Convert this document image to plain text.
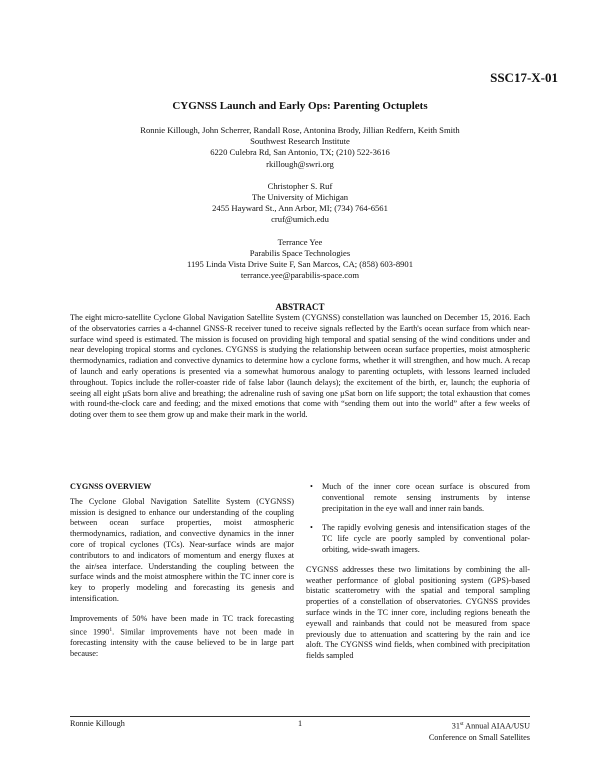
SSC17-X-01
CYGNSS Launch and Early Ops: Parenting Octuplets
Ronnie Killough, John Scherrer, Randall Rose, Antonina Brody, Jillian Redfern, Keith Smith
Southwest Research Institute
6220 Culebra Rd, San Antonio, TX; (210) 522-3616
rkillough@swri.org
Christopher S. Ruf
The University of Michigan
2455 Hayward St., Ann Arbor, MI; (734) 764-6561
cruf@umich.edu
Terrance Yee
Parabilis Space Technologies
1195 Linda Vista Drive Suite F, San Marcos, CA; (858) 603-8901
terrance.yee@parabilis-space.com
ABSTRACT
The eight micro-satellite Cyclone Global Navigation Satellite System (CYGNSS) constellation was launched on December 15, 2016. Each of the observatories carries a 4-channel GNSS-R receiver tuned to receive signals reflected by the Earth's ocean surface from which near-surface wind speed is estimated. The mission is focused on providing high temporal and spatial sensing of the wind conditions under and near developing tropical storms and cyclones. CYGNSS is studying the relationship between ocean surface properties, moist atmospheric thermodynamics, radiation and convective dynamics to determine how a cyclone forms, whether it will strengthen, and how much. A recap of launch and early operations is presented via a somewhat humorous analogy to parenting octuplets, with lessons learned included throughout. Topics include the roller-coaster ride of false labor (launch delays); the excitement of the birth, er, launch; the euphoria of seeing all eight µSats born alive and breathing; the adrenaline rush of saving one µSat born on life support; the total exhaustion that comes with round-the-clock care and feeding; and the mixed emotions that come with “sending them out into the world” after a few weeks of doting over them to see them grow up and make their mark in the world.
CYGNSS OVERVIEW

The Cyclone Global Navigation Satellite System (CYGNSS) mission is designed to enhance our understanding of the coupling between ocean surface properties, moist atmospheric thermodynamics, radiation, and convective dynamics in the inner core of tropical cyclones (TCs). Near-surface winds are major contributors to and indicators of momentum and energy fluxes at the air/sea interface. Understanding the coupling between the surface winds and the moist atmosphere within the TC inner core is key to properly modeling and forecasting its genesis and intensification.

Improvements of 50% have been made in TC track forecasting since 1990$^1$. Similar improvements have not been made in forecasting intensity with the cause believed to be in large part because:

• Much of the inner core ocean surface is obscured from conventional remote sensing instruments by intense precipitation in the eye wall and inner rain bands.
• The rapidly evolving genesis and intensification stages of the TC life cycle are poorly sampled by conventional polar-orbiting, wide-swath imagers.

CYGNSS addresses these two limitations by combining the all-weather performance of global positioning system (GPS)-based bistatic scatterometry with the spatial and temporal sampling properties of a constellation of observatories. CYGNSS provides surface winds in the TC inner core, including regions beneath the eyewall and rainbands that could not be measured from space previously due to attenuation and scattering by the rain and ice aloft. The CYGNSS wind fields, when combined with precipitation fields sampled

Ronnie Killough	1	31st Annual AIAA/USU
Conference on Small Satellites
